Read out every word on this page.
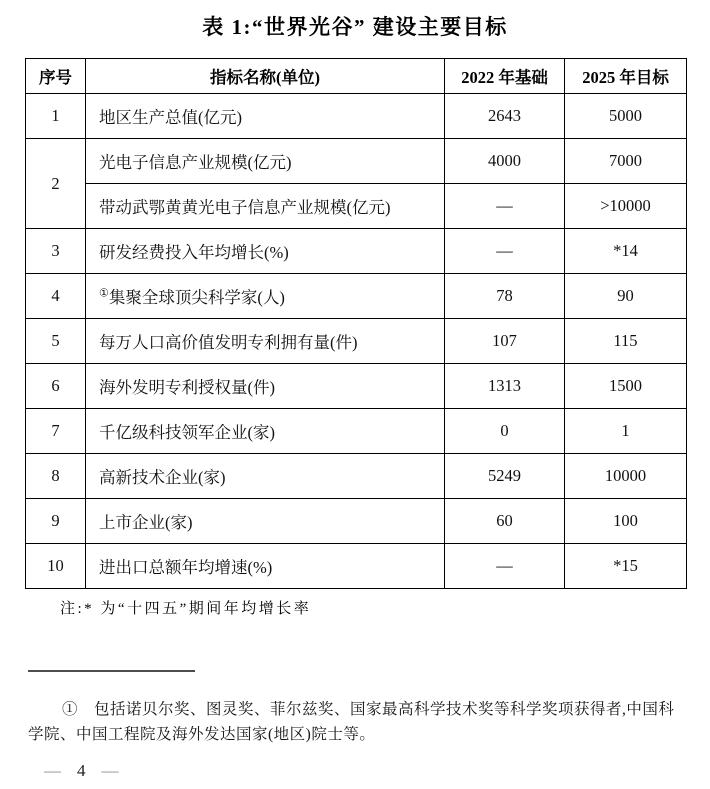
表 1:“世界光谷” 建设主要目标
序号	指标名称(单位)	2022 年基础	2025 年目标
1	地区生产总值(亿元)	2643	5000
2	光电子信息产业规模(亿元)	4000	7000
	带动武鄂黄黄光电子信息产业规模(亿元)	—	>10000
3	研发经费投入年均增长(%)	—	*14
4	①集聚全球顶尖科学家(人)	78	90
5	每万人口高价值发明专利拥有量(件)	107	115
6	海外发明专利授权量(件)	1313	1500
7	千亿级科技领军企业(家)	0	1
8	高新技术企业(家)	5249	10000
9	上市企业(家)	60	100
10	进出口总额年均增速(%)	—	*15
注:* 为“十四五”期间年均增长率
①  包括诺贝尔奖、图灵奖、菲尔兹奖、国家最高科学技术奖等科学奖项获得者,中国科学院、中国工程院及海外发达国家(地区)院士等。
— 4 —
